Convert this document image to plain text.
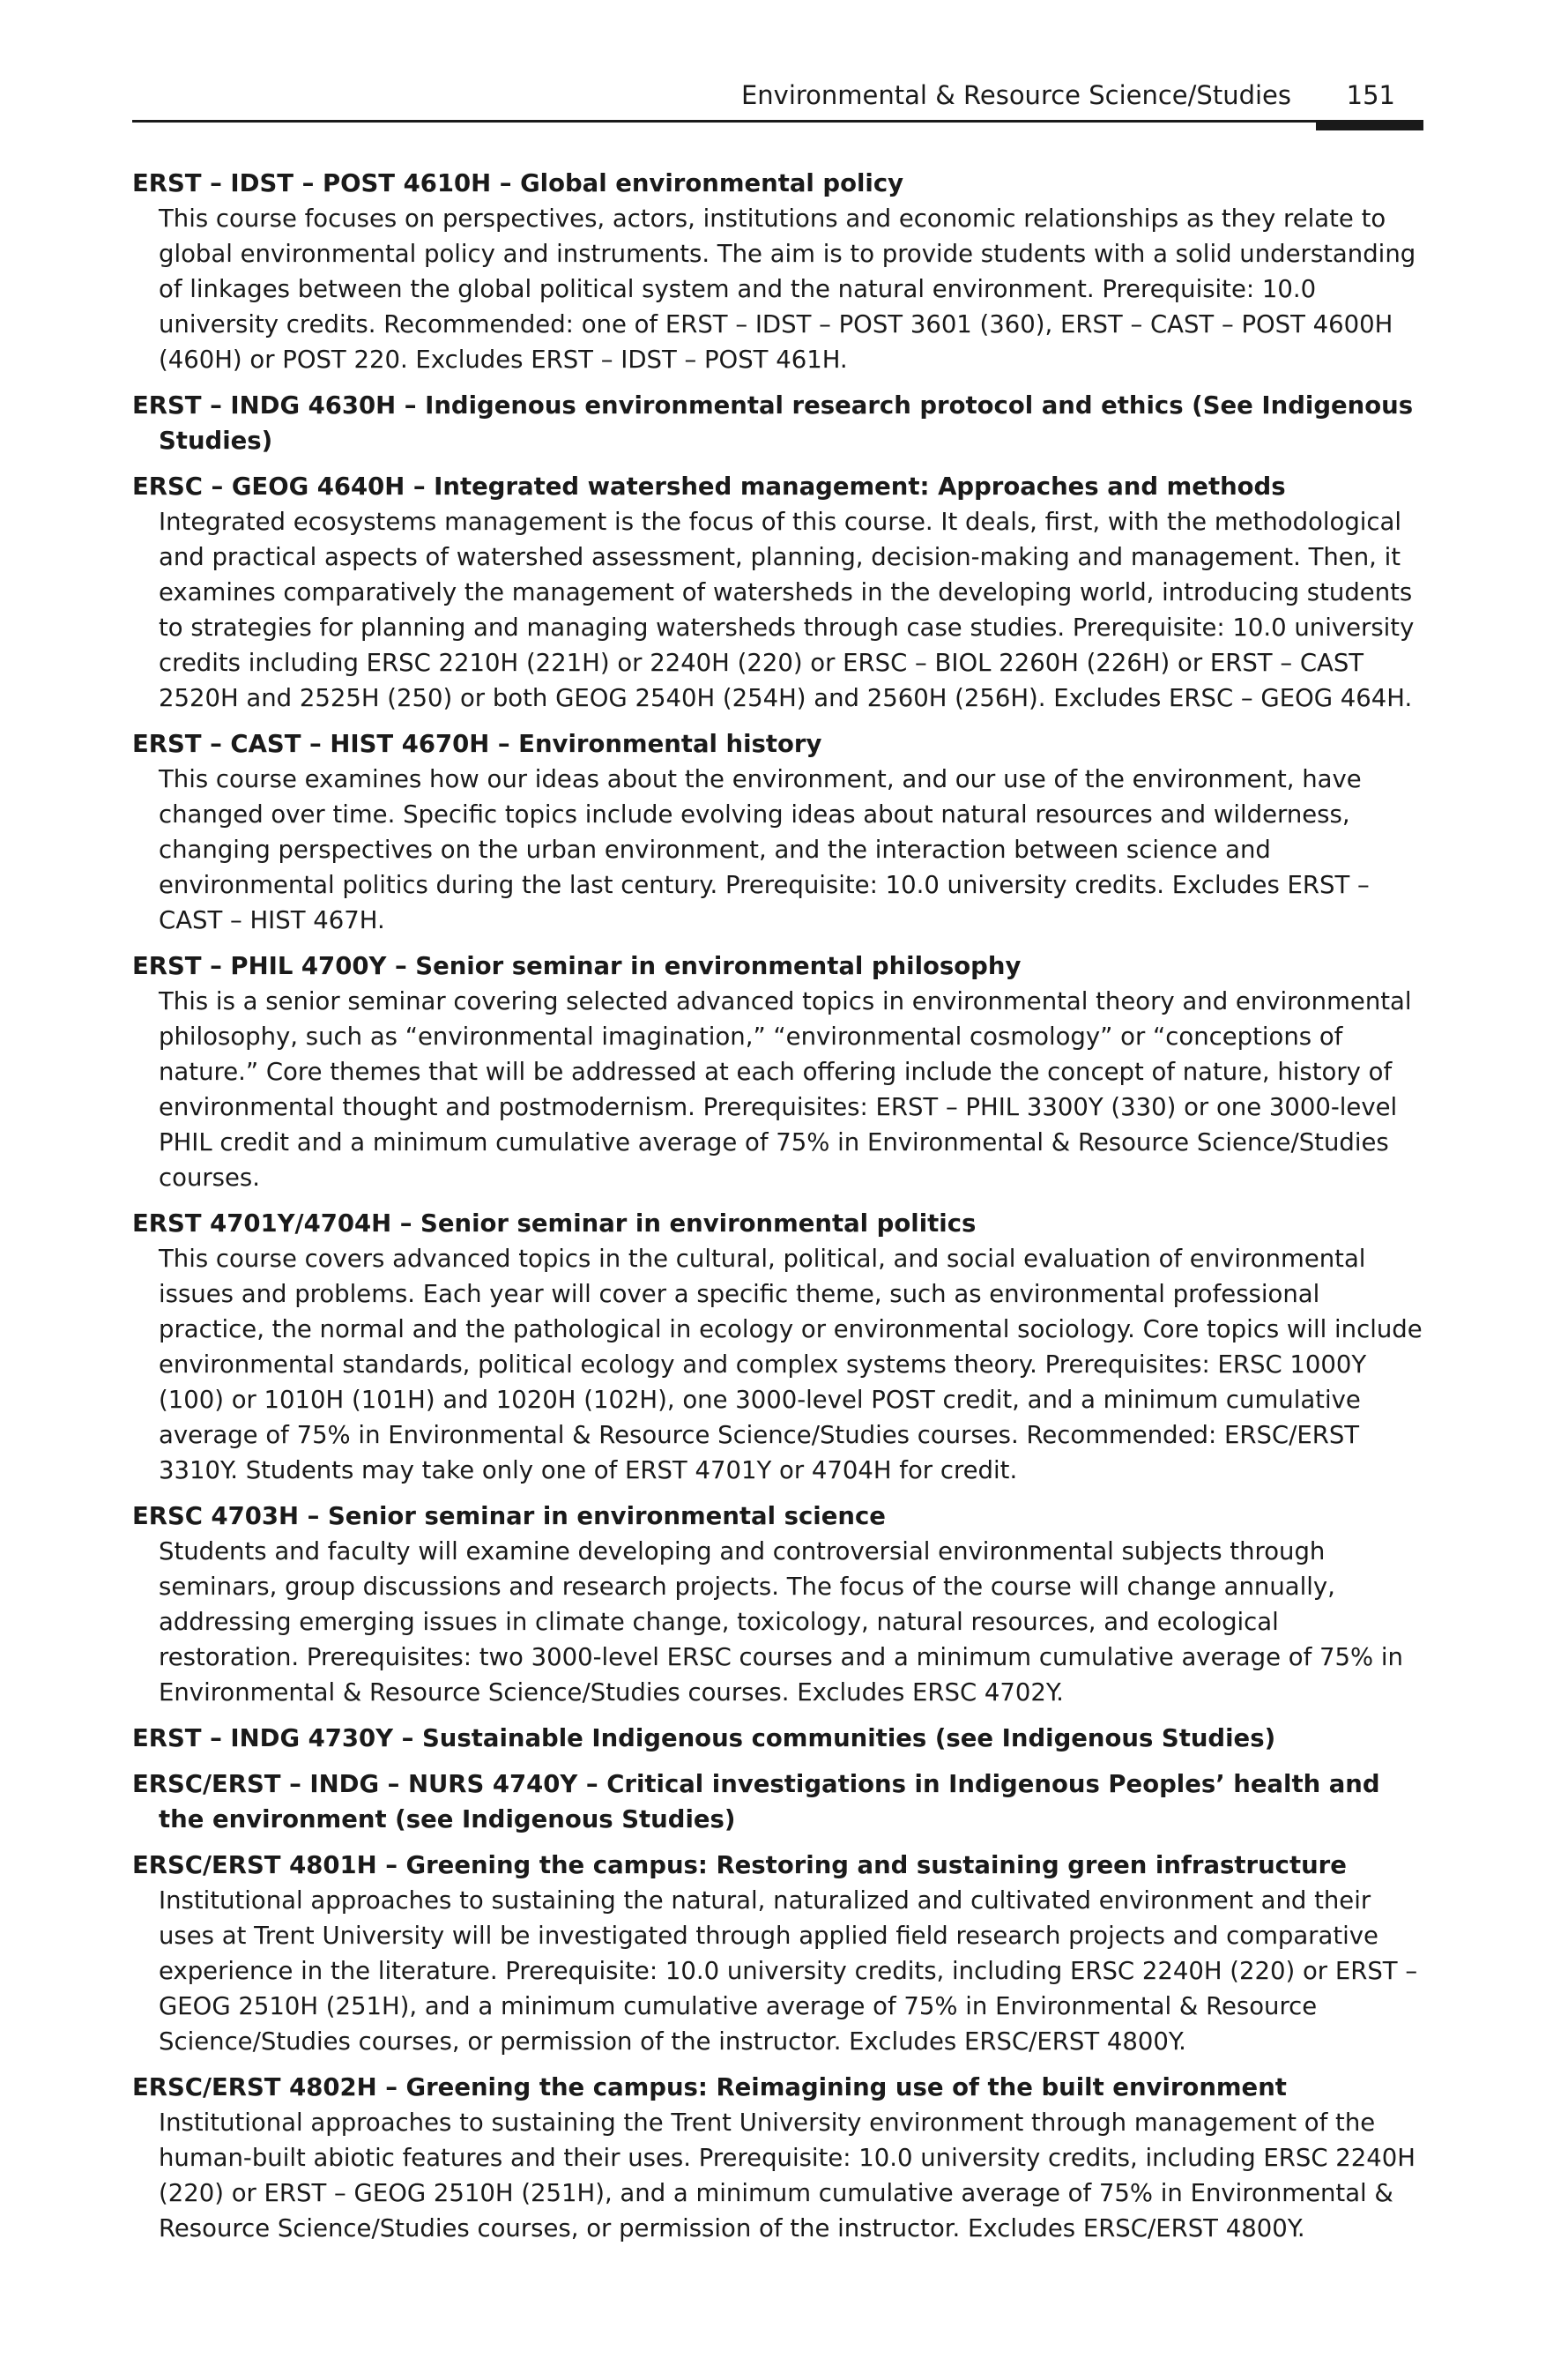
Environmental & Resource Science/Studies 151

ERST – IDST – POST 4610H – Global environmental policy

This course focuses on perspectives, actors, institutions and economic relationships as they relate to global environmental policy and instruments. The aim is to provide students with a solid understanding of linkages between the global political system and the natural environment. Prerequisite: 10.0 university credits. Recommended: one of ERST – IDST – POST 3601 (360), ERST – CAST – POST 4600H (460H) or POST 220. Excludes ERST – IDST – POST 461H.

ERST – INDG 4630H – Indigenous environmental research protocol and ethics (See Indigenous Studies)

ERSC – GEOG 4640H – Integrated watershed management: Approaches and methods

Integrated ecosystems management is the focus of this course. It deals, first, with the methodological and practical aspects of watershed assessment, planning, decision-making and management. Then, it examines comparatively the management of watersheds in the developing world, introducing students to strategies for planning and managing watersheds through case studies. Prerequisite: 10.0 university credits including ERSC 2210H (221H) or 2240H (220) or ERSC – BIOL 2260H (226H) or ERST – CAST 2520H and 2525H (250) or both GEOG 2540H (254H) and 2560H (256H). Excludes ERSC – GEOG 464H.

ERST – CAST – HIST 4670H – Environmental history

This course examines how our ideas about the environment, and our use of the environment, have changed over time. Specific topics include evolving ideas about natural resources and wilderness, changing perspectives on the urban environment, and the interaction between science and environmental politics during the last century. Prerequisite: 10.0 university credits. Excludes ERST – CAST – HIST 467H.

ERST – PHIL 4700Y – Senior seminar in environmental philosophy

This is a senior seminar covering selected advanced topics in environmental theory and environmental philosophy, such as “environmental imagination,” “environmental cosmology” or “conceptions of nature.” Core themes that will be addressed at each offering include the concept of nature, history of environmental thought and postmodernism. Prerequisites: ERST – PHIL 3300Y (330) or one 3000-level PHIL credit and a minimum cumulative average of 75% in Environmental & Resource Science/Studies courses.

ERST 4701Y/4704H – Senior seminar in environmental politics

This course covers advanced topics in the cultural, political, and social evaluation of environmental issues and problems. Each year will cover a specific theme, such as environmental professional practice, the normal and the pathological in ecology or environmental sociology. Core topics will include environmental standards, political ecology and complex systems theory. Prerequisites: ERSC 1000Y (100) or 1010H (101H) and 1020H (102H), one 3000-level POST credit, and a minimum cumulative average of 75% in Environmental & Resource Science/Studies courses. Recommended: ERSC/ERST 3310Y. Students may take only one of ERST 4701Y or 4704H for credit.

ERSC 4703H – Senior seminar in environmental science

Students and faculty will examine developing and controversial environmental subjects through seminars, group discussions and research projects. The focus of the course will change annually, addressing emerging issues in climate change, toxicology, natural resources, and ecological restoration. Prerequisites: two 3000-level ERSC courses and a minimum cumulative average of 75% in Environmental & Resource Science/Studies courses. Excludes ERSC 4702Y.

ERST – INDG 4730Y – Sustainable Indigenous communities (see Indigenous Studies)

ERSC/ERST – INDG – NURS 4740Y – Critical investigations in Indigenous Peoples’ health and the environment (see Indigenous Studies)

ERSC/ERST 4801H – Greening the campus: Restoring and sustaining green infrastructure

Institutional approaches to sustaining the natural, naturalized and cultivated environment and their uses at Trent University will be investigated through applied field research projects and comparative experience in the literature. Prerequisite: 10.0 university credits, including ERSC 2240H (220) or ERST – GEOG 2510H (251H), and a minimum cumulative average of 75% in Environmental & Resource Science/Studies courses, or permission of the instructor. Excludes ERSC/ERST 4800Y.

ERSC/ERST 4802H – Greening the campus: Reimagining use of the built environment

Institutional approaches to sustaining the Trent University environment through management of the human-built abiotic features and their uses. Prerequisite: 10.0 university credits, including ERSC 2240H (220) or ERST – GEOG 2510H (251H), and a minimum cumulative average of 75% in Environmental & Resource Science/Studies courses, or permission of the instructor. Excludes ERSC/ERST 4800Y.
